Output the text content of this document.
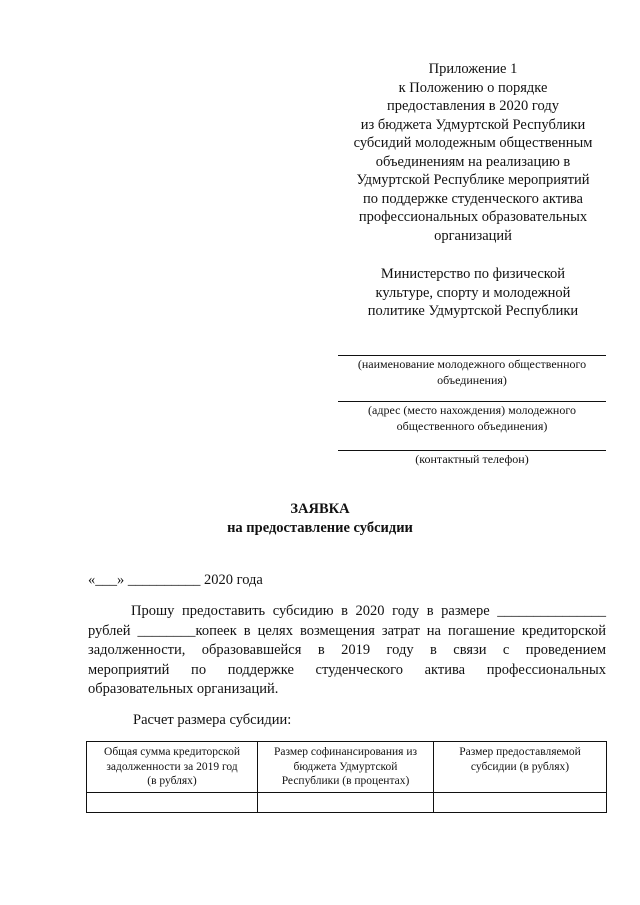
Приложение 1
к Положению о порядке
предоставления в 2020 году
из бюджета Удмуртской Республики
субсидий молодежным общественным
объединениям на реализацию в
Удмуртской Республике мероприятий
по поддержке студенческого актива
профессиональных образовательных
организаций
Министерство по физической
культуре, спорту и молодежной
политике Удмуртской Республики
(наименование молодежного общественного
объединения)
(адрес (место нахождения) молодежного
общественного объединения)
(контактный телефон)
ЗАЯВКА
на предоставление субсидии
«___» __________ 2020 года
Прошу предоставить субсидию в 2020 году в размере _______________
рублей ________копеек в целях возмещения затрат на погашение кредиторской
задолженности, образовавшейся в 2019 году в связи с проведением
мероприятий по поддержке студенческого актива профессиональных
образовательных организаций.
Расчет размера субсидии:
Общая сумма кредиторской
задолженности за 2019 год
(в рублях)	Размер софинансирования из
бюджета Удмуртской
Республики (в процентах)	Размер предоставляемой
субсидии (в рублях)
